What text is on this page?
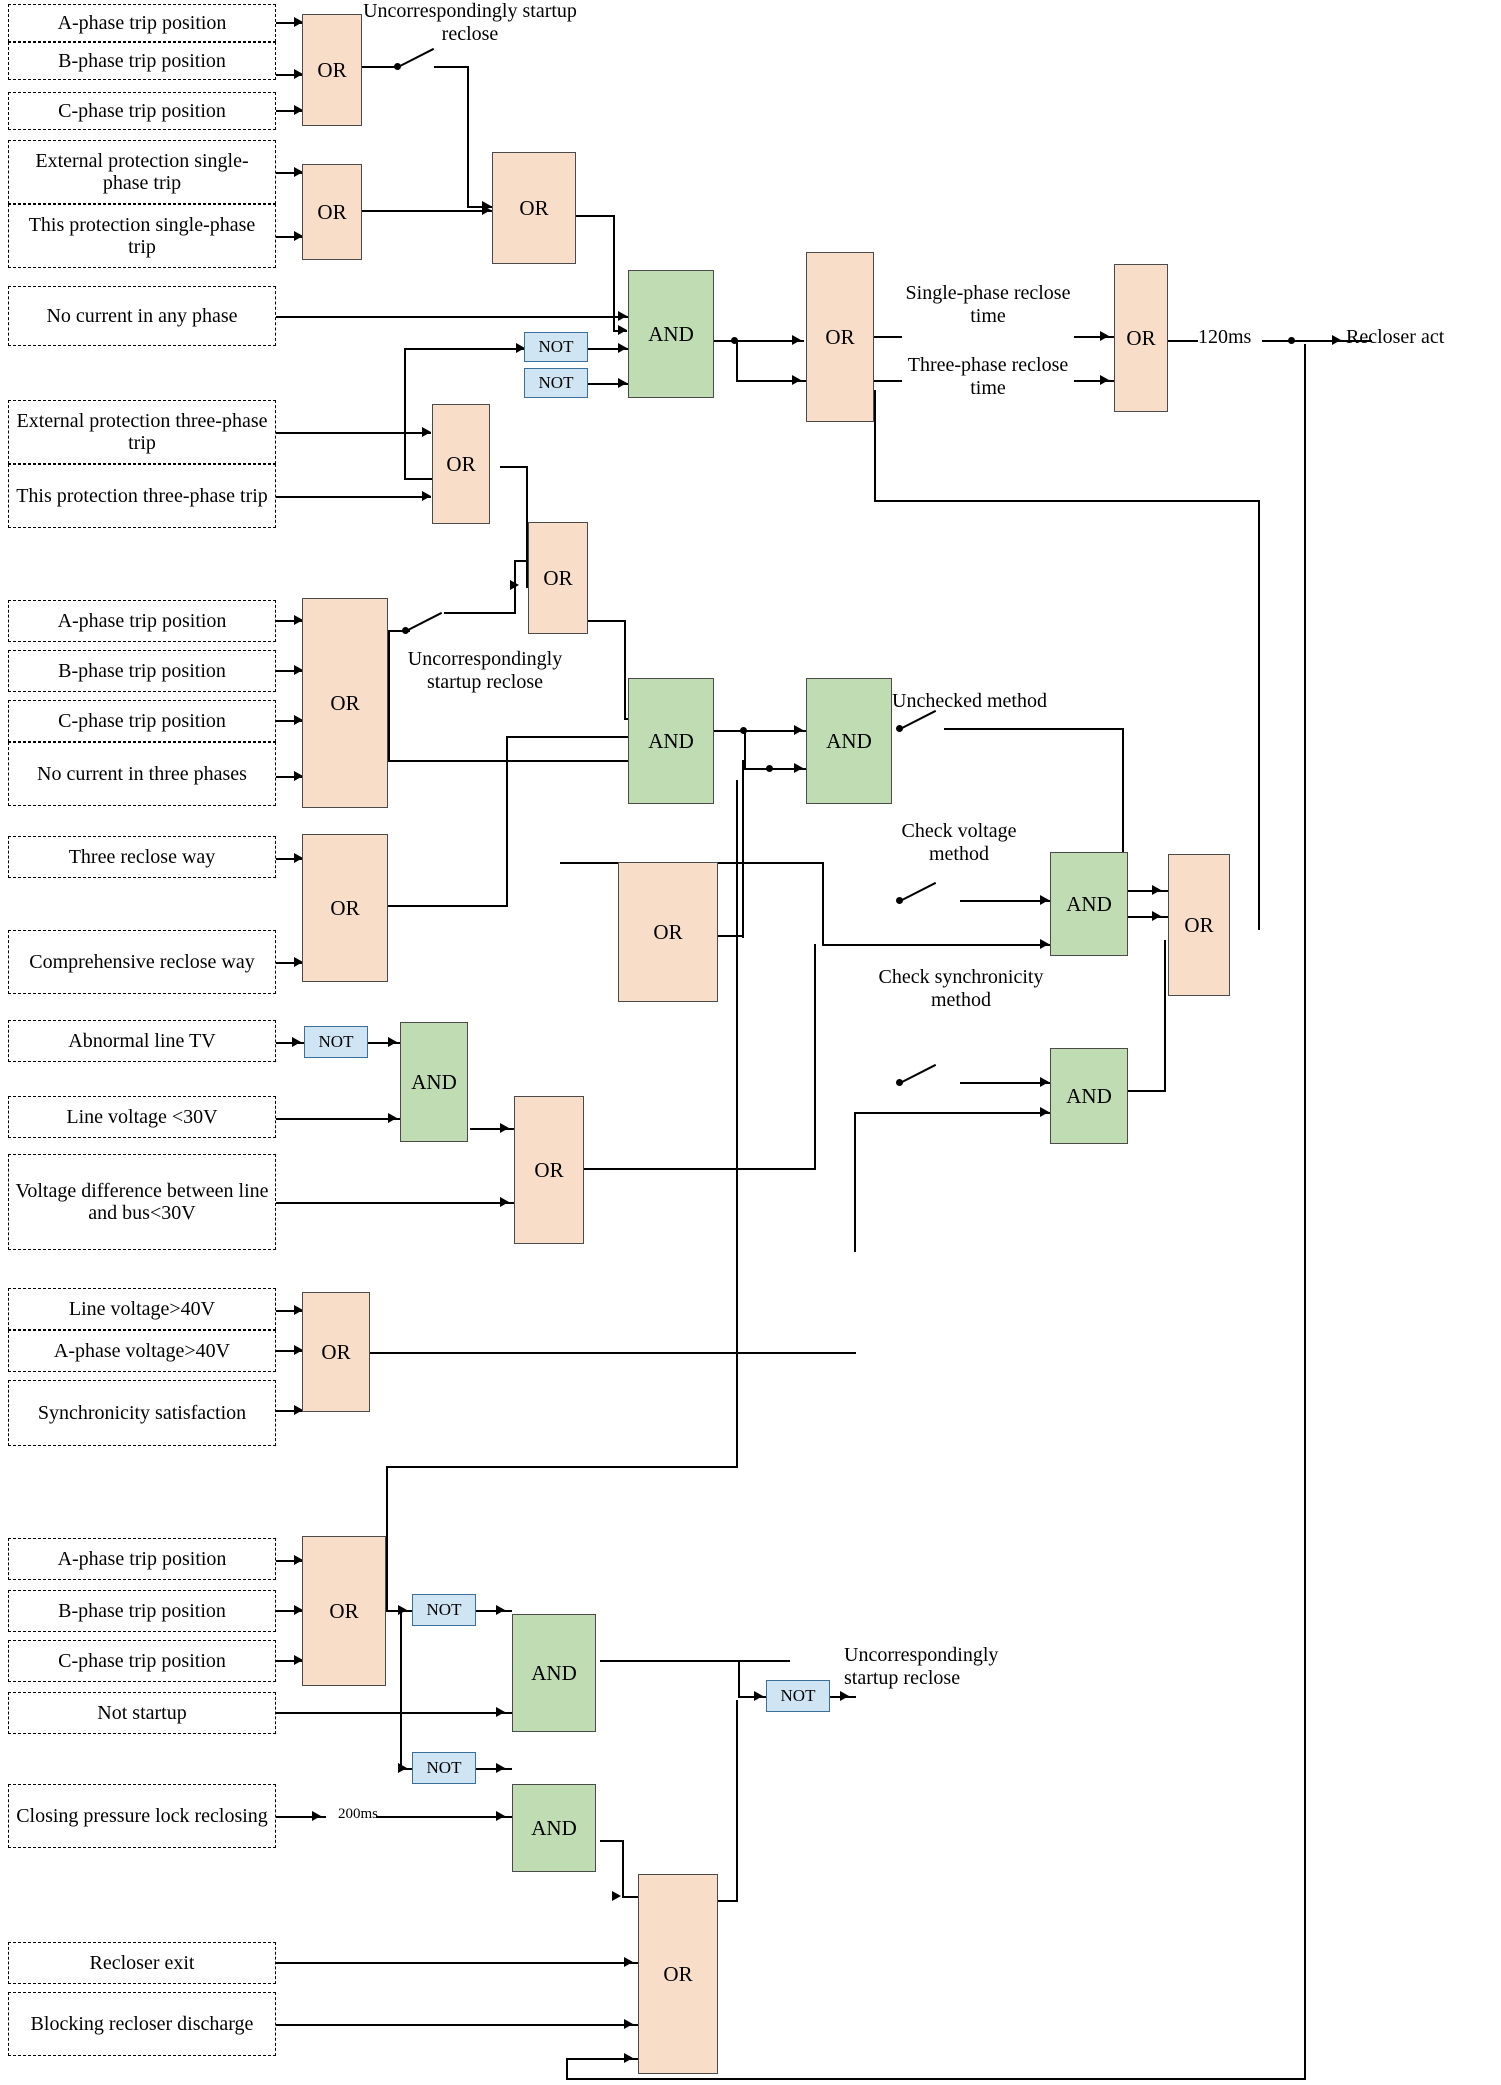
A-phase trip position
B-phase trip position
C-phase trip position
External protection single-phase trip
This protection single-phase trip
No current in any phase
External protection three-phase trip
This protection three-phase trip
A-phase trip position
B-phase trip position
C-phase trip position
No current in three phases
Three reclose way
Comprehensive reclose way
Abnormal line TV
Line voltage <30V
Voltage difference between line and bus<30V
Line voltage>40V
A-phase voltage>40V
Synchronicity satisfaction
A-phase trip position
B-phase trip position
C-phase trip position
Not startup
Closing pressure lock reclosing
Recloser exit
Blocking recloser discharge
NOT
NOT
NOT
NOT
NOT
NOT
OR
OR	OR
AND
OR
OR
OR
AND	AND
OR
OR
AND
OR
OR
OR	OR
AND
AND
OR
OR
AND
AND
OR
Uncorrespondingly startup reclose
Uncorrespondingly startup reclose
Unchecked method
Check voltage method
Check synchronicity method
Uncorrespondingly startup reclose
Single-phase reclose time
Three-phase reclose time
200ms
120ms	Recloser act
